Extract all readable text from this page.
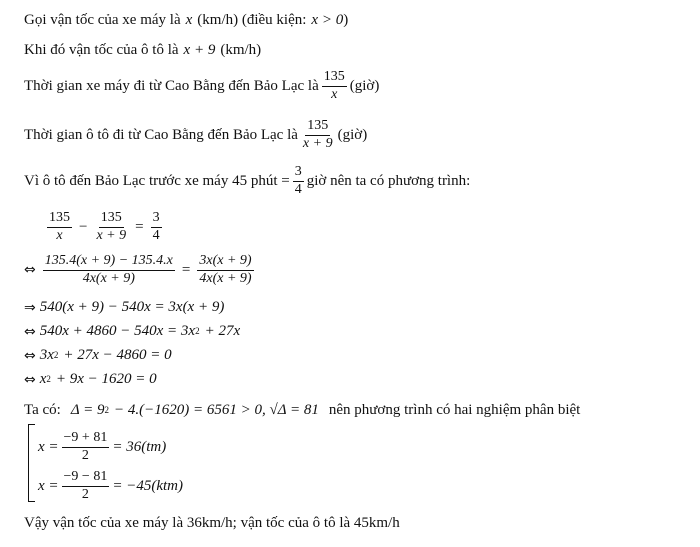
Gọi vận tốc của xe máy là x (km/h) (điều kiện: x > 0 )
Khi đó vận tốc của ô tô là x + 9 (km/h)
Thời gian xe máy đi từ Cao Bằng đến Bảo Lạc là $\frac{135}{x}$ (giờ)
Thời gian ô tô đi từ Cao Bằng đến Bảo Lạc là $\frac{135}{x + 9}$ (giờ)
Vì ô tô đến Bảo Lạc trước xe máy 45 phút = $\frac{3}{4}$ giờ nên ta có phương trình:
$\frac{135}{x} - \frac{135}{x + 9} = \frac{3}{4}$
⇔ $\frac{135.4(x + 9) - 135.4.x}{4x(x + 9)} = \frac{3x(x + 9)}{4x(x + 9)}$
⇒ 540(x + 9) − 540x = 3x(x + 9)
⇔ 540x + 4860 − 540x = 3x 2 + 27x
⇔ 3x 2 + 27x − 4860 = 0
⇔ x 2 + 9x − 1620 = 0
Ta có: Δ = 9 2 − 4.(−1620) = 6561 > 0, √Δ = 81 nên phương trình có hai nghiệm phân biệt
$x = \frac{-9 + 81}{2} = 36(tm)$
$x = \frac{-9 - 81}{2} = -45(ktm)$
Vậy vận tốc của xe máy là 36km/h; vận tốc của ô tô là 45km/h
